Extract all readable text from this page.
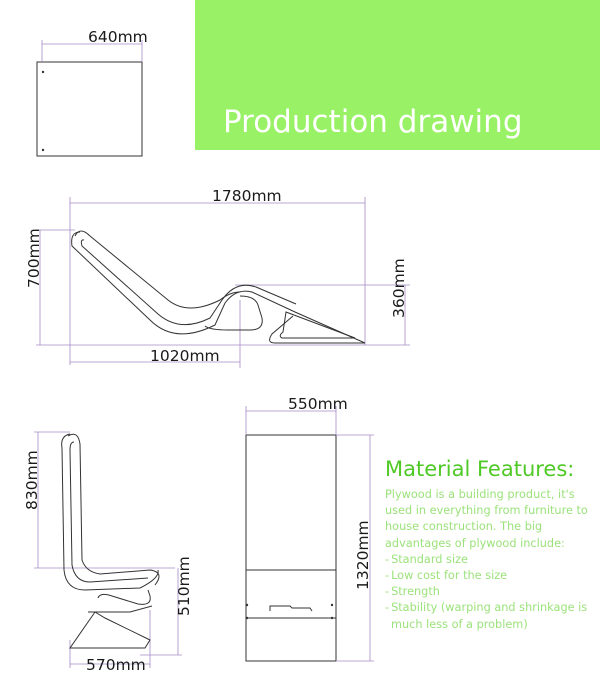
Production drawing
640mm
1780mm
700mm
360mm
1020mm
830mm
510mm
570mm
550mm
1320mm
Material Features:
Plywood is a building product, it's used in everything from furniture to house construction. The big advantages of plywood include:
- Standard size
- Low cost for the size
- Strength
- Stability (warping and shrinkage is much less of a problem)
